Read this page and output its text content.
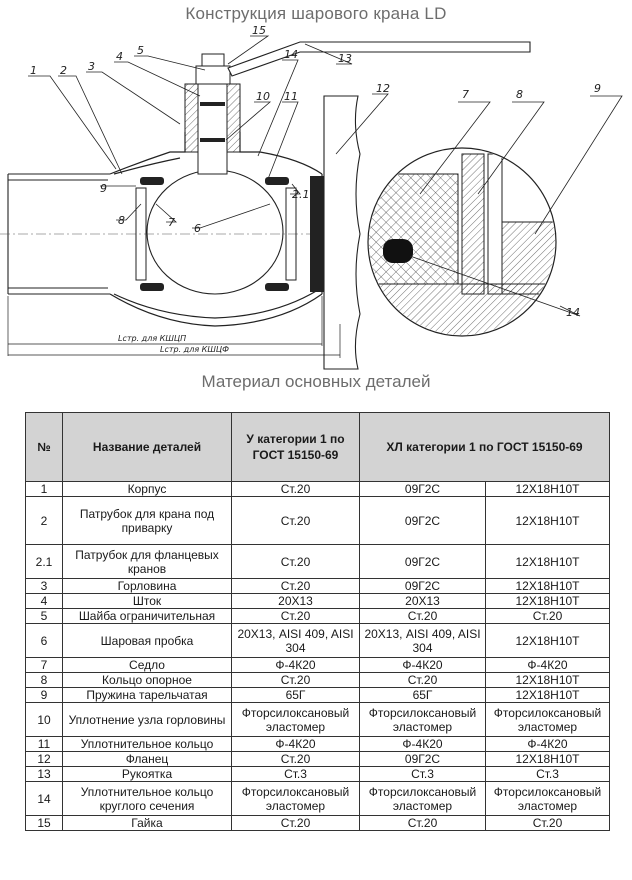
Конструкция шарового крана LD
1 2 3
4 5
15
14	13
10 11
12
9
8	7 6
2.1
7	8	9
14
Lстр. для КШЦП
Lстр. для КШЦФ
Материал основных деталей
№	Название деталей	У категории 1 по ГОСТ 15150-69	ХЛ категории 1 по ГОСТ 15150-69	
1	Корпус	Ст.20	09Г2С	12Х18Н10Т
2	Патрубок для крана под приварку	Ст.20	09Г2С	12Х18Н10Т
2.1	Патрубок для фланцевых кранов	Ст.20	09Г2С	12Х18Н10Т
3	Горловина	Ст.20	09Г2С	12Х18Н10Т
4	Шток	20Х13	20Х13	12Х18Н10Т
5	Шайба ограничительная	Ст.20	Ст.20	Ст.20
6	Шаровая пробка	20Х13, AISI 409, AISI 304	20Х13, AISI 409, AISI 304	12Х18Н10Т
7	Седло	Ф-4К20	Ф-4К20	Ф-4К20
8	Кольцо опорное	Ст.20	Ст.20	12Х18Н10Т
9	Пружина тарельчатая	65Г	65Г	12Х18Н10Т
10	Уплотнение узла горловины	Фторсилоксановый эластомер	Фторсилоксановый эластомер	Фторсилоксановый эластомер
11	Уплотнительное кольцо	Ф-4К20	Ф-4К20	Ф-4К20
12	Фланец	Ст.20	09Г2С	12Х18Н10Т
13	Рукоятка	Ст.3	Ст.3	Ст.3
14	Уплотнительное кольцо круглого сечения	Фторсилоксановый эластомер	Фторсилоксановый эластомер	Фторсилоксановый эластомер
15	Гайка	Ст.20	Ст.20	Ст.20
